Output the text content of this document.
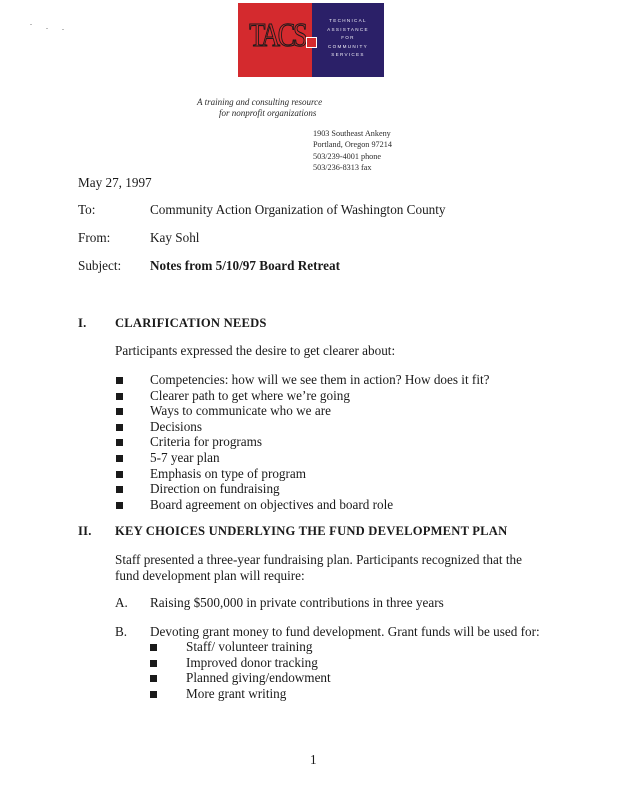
TACS	TECHNICAL
ASSISTANCE
FOR
COMMUNITY
SERVICES
A training and consulting resource
for nonprofit organizations
1903 Southeast Ankeny
Portland, Oregon 97214
503/239-4001 phone
503/236-8313 fax
May 27, 1997
To:	Community Action Organization of Washington County
From:	Kay Sohl
Subject: Notes from 5/10/97 Board Retreat
I. CLARIFICATION NEEDS
Participants expressed the desire to get clearer about:
Competencies: how will we see them in action? How does it fit?
Clearer path to get where we’re going
Ways to communicate who we are
Decisions
Criteria for programs
5-7 year plan
Emphasis on type of program
Direction on fundraising
Board agreement on objectives and board role
II. KEY CHOICES UNDERLYING THE FUND DEVELOPMENT PLAN
Staff presented a three-year fundraising plan. Participants recognized that the
fund development plan will require:
A. Raising $500,000 in private contributions in three years
B. Devoting grant money to fund development. Grant funds will be used for:
Staff/ volunteer training
Improved donor tracking
Planned giving/endowment
More grant writing
1
